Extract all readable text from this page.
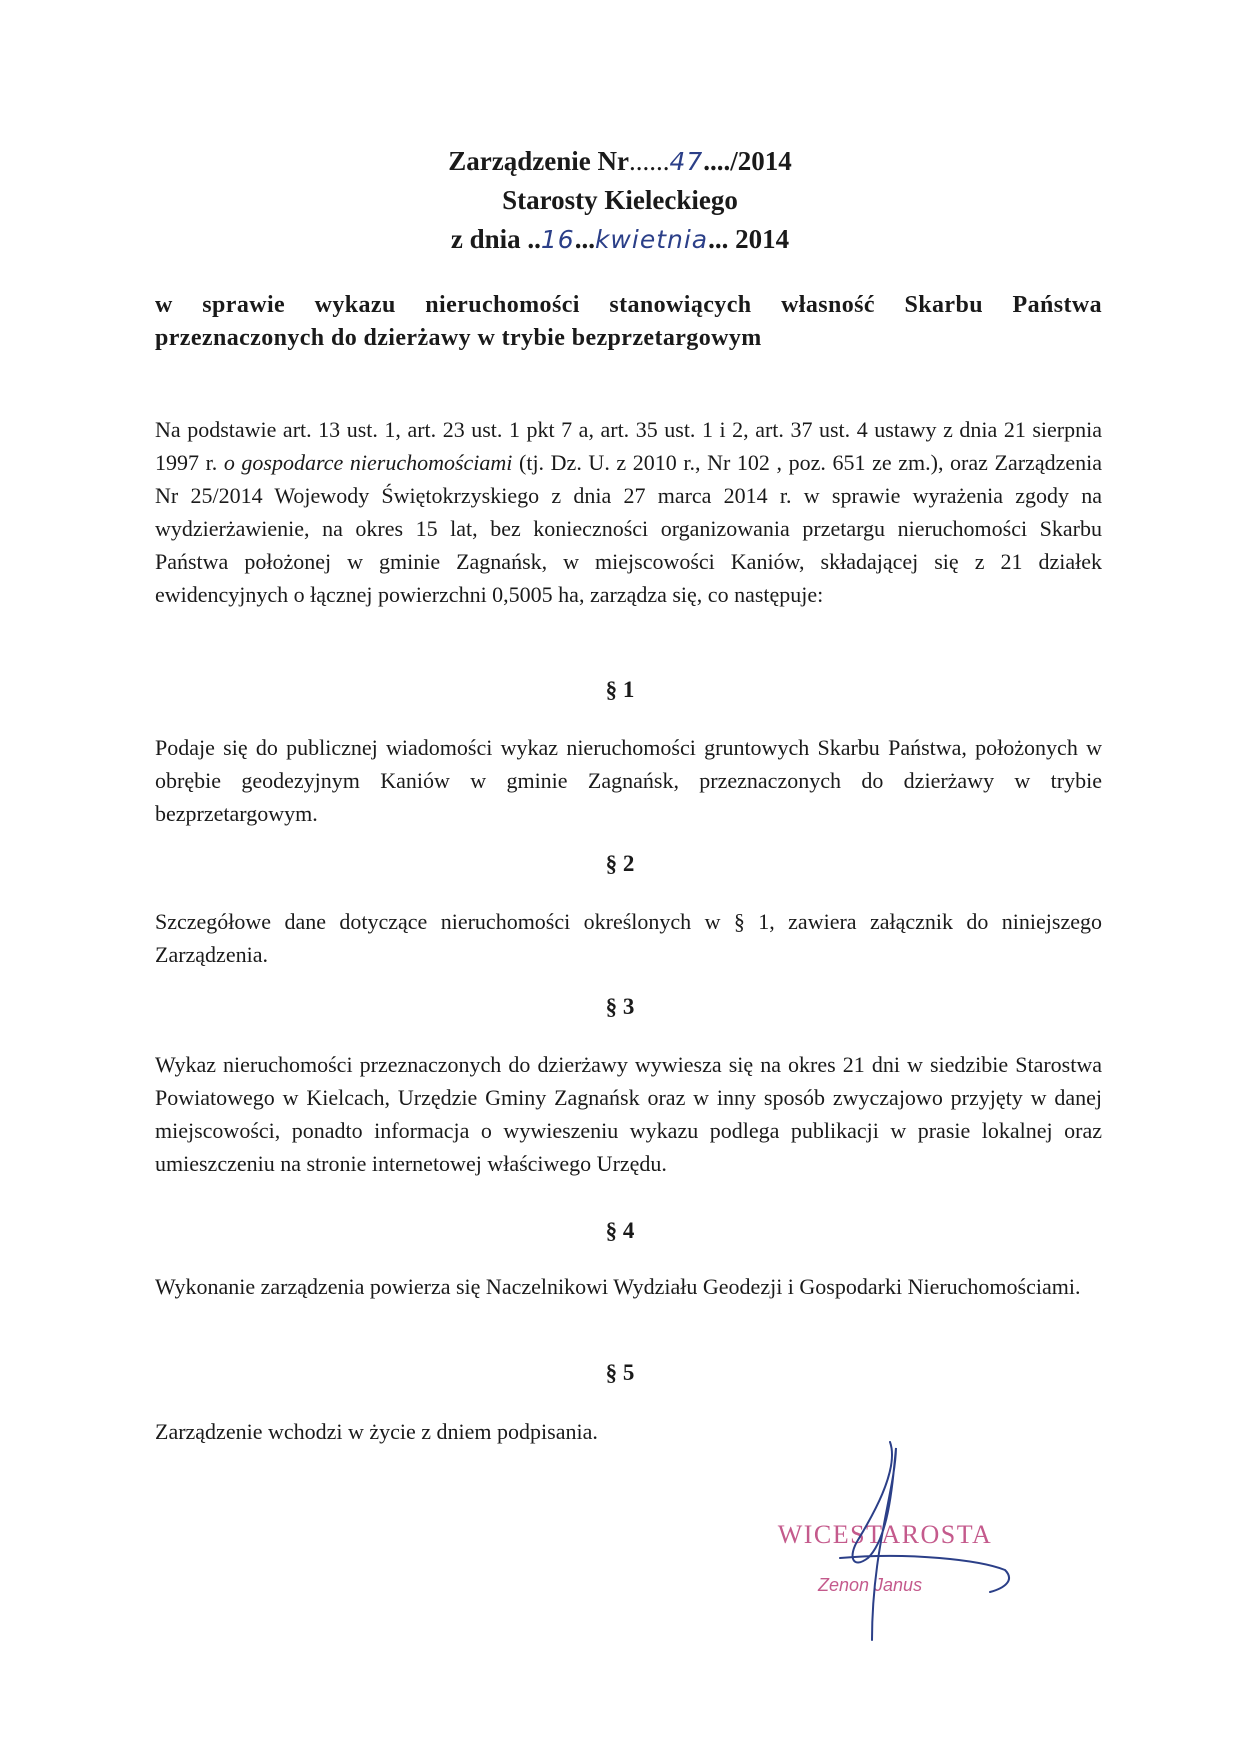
Zarządzenie Nr......47..../2014
Starosty Kieleckiego
z dnia ..16...kwietnia... 2014
w sprawie wykazu nieruchomości stanowiących własność Skarbu Państwa przeznaczonych do dzierżawy w trybie bezprzetargowym
Na podstawie art. 13 ust. 1, art. 23 ust. 1 pkt 7 a, art. 35 ust. 1 i 2, art. 37 ust. 4 ustawy z dnia 21 sierpnia 1997 r. o gospodarce nieruchomościami (tj. Dz. U. z 2010 r., Nr 102 , poz. 651 ze zm.), oraz Zarządzenia Nr 25/2014 Wojewody Świętokrzyskiego z dnia 27 marca 2014 r. w sprawie wyrażenia zgody na wydzierżawienie, na okres 15 lat, bez konieczności organizowania przetargu nieruchomości Skarbu Państwa położonej w gminie Zagnańsk, w miejscowości Kaniów, składającej się z 21 działek ewidencyjnych o łącznej powierzchni 0,5005 ha, zarządza się, co następuje:
§ 1
Podaje się do publicznej wiadomości wykaz nieruchomości gruntowych Skarbu Państwa, położonych w obrębie geodezyjnym Kaniów w gminie Zagnańsk, przeznaczonych do dzierżawy w trybie bezprzetargowym.
§ 2
Szczegółowe dane dotyczące nieruchomości określonych w § 1, zawiera załącznik do niniejszego Zarządzenia.
§ 3
Wykaz nieruchomości przeznaczonych do dzierżawy wywiesza się na okres 21 dni w siedzibie Starostwa Powiatowego w Kielcach, Urzędzie Gminy Zagnańsk oraz w inny sposób zwyczajowo przyjęty w danej miejscowości, ponadto informacja o wywieszeniu wykazu podlega publikacji w prasie lokalnej oraz umieszczeniu na stronie internetowej właściwego Urzędu.
§ 4
Wykonanie zarządzenia powierza się Naczelnikowi Wydziału Geodezji i Gospodarki Nieruchomościami.
§ 5
Zarządzenie wchodzi w życie z dniem podpisania.
WICESTAROSTA
Zenon Janus
